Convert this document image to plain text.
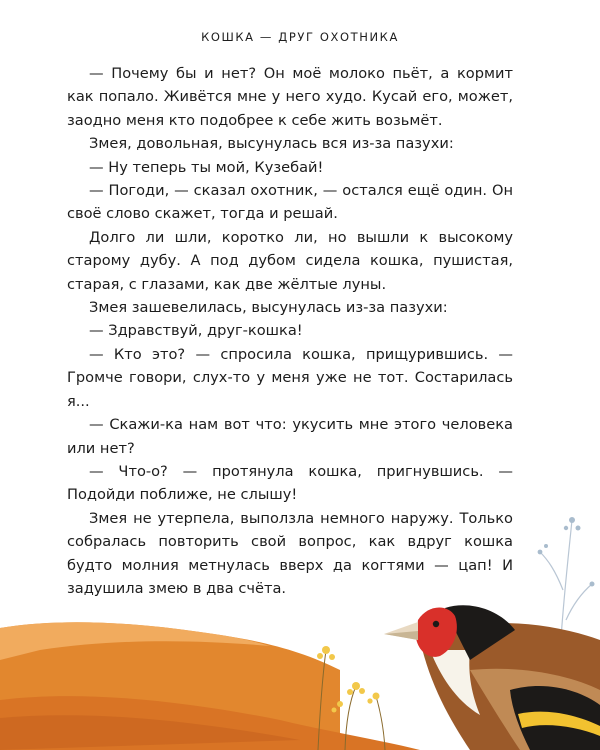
КОШКА — ДРУГ ОХОТНИКА

— Почему бы и нет? Он моё молоко пьёт, а кормит как попало. Живётся мне у него худо. Кусай его, может, заодно меня кто подобрее к себе жить возьмёт.

Змея, довольная, высунулась вся из-за пазухи:

— Ну теперь ты мой, Кузебай!

— Погоди, — сказал охотник, — остался ещё один. Он своё слово скажет, тогда и решай.

Долго ли шли, коротко ли, но вышли к высокому старому дубу. А под дубом сидела кошка, пушистая, старая, с глазами, как две жёлтые луны.

Змея зашевелилась, высунулась из-за пазухи:

— Здравствуй, друг-кошка!

— Кто это? — спросила кошка, прищурившись. — Громче говори, слух-то у меня уже не тот. Состарилась я...

— Скажи-ка нам вот что: укусить мне этого человека или нет?

— Что-о? — протянула кошка, пригнувшись. — Подойди поближе, не слышу!

Змея не утерпела, выползла немного наружу. Только собралась повторить свой вопрос, как вдруг кошка будто молния метнулась вверх да когтями — цап! И задушила змею в два счёта.
